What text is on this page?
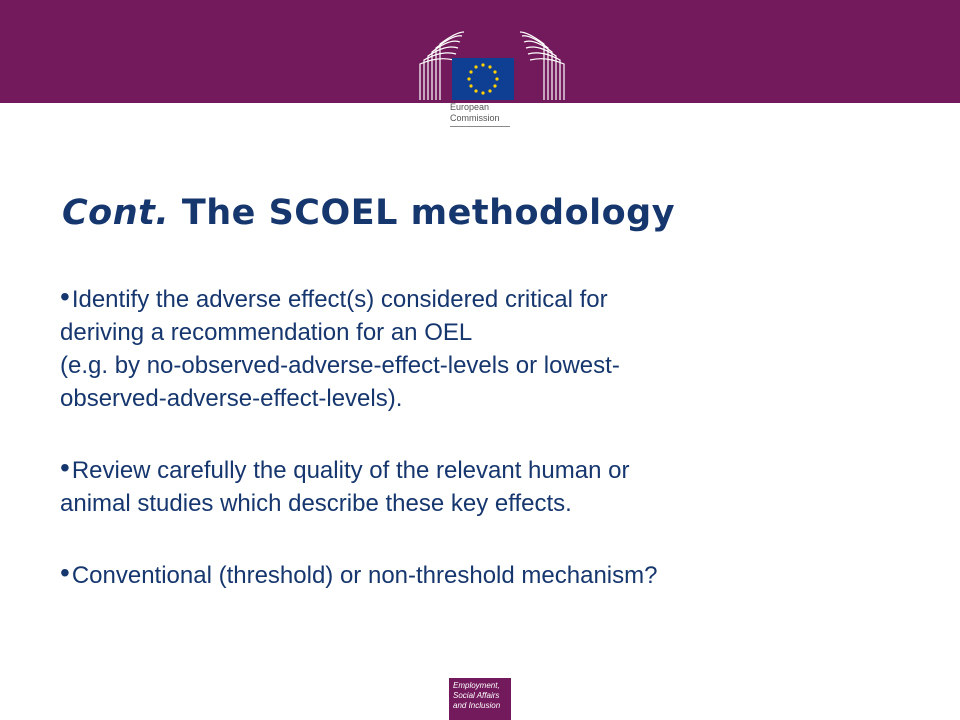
European
Commission
Cont. The SCOEL methodology
•Identify the adverse effect(s) considered critical for
deriving a recommendation for an OEL
(e.g. by no-observed-adverse-effect-levels or lowest-
observed-adverse-effect-levels).
•Review carefully the quality of the relevant human or
animal studies which describe these key effects.
•Conventional (threshold) or non-threshold mechanism?
Employment,
Social Affairs
and Inclusion
